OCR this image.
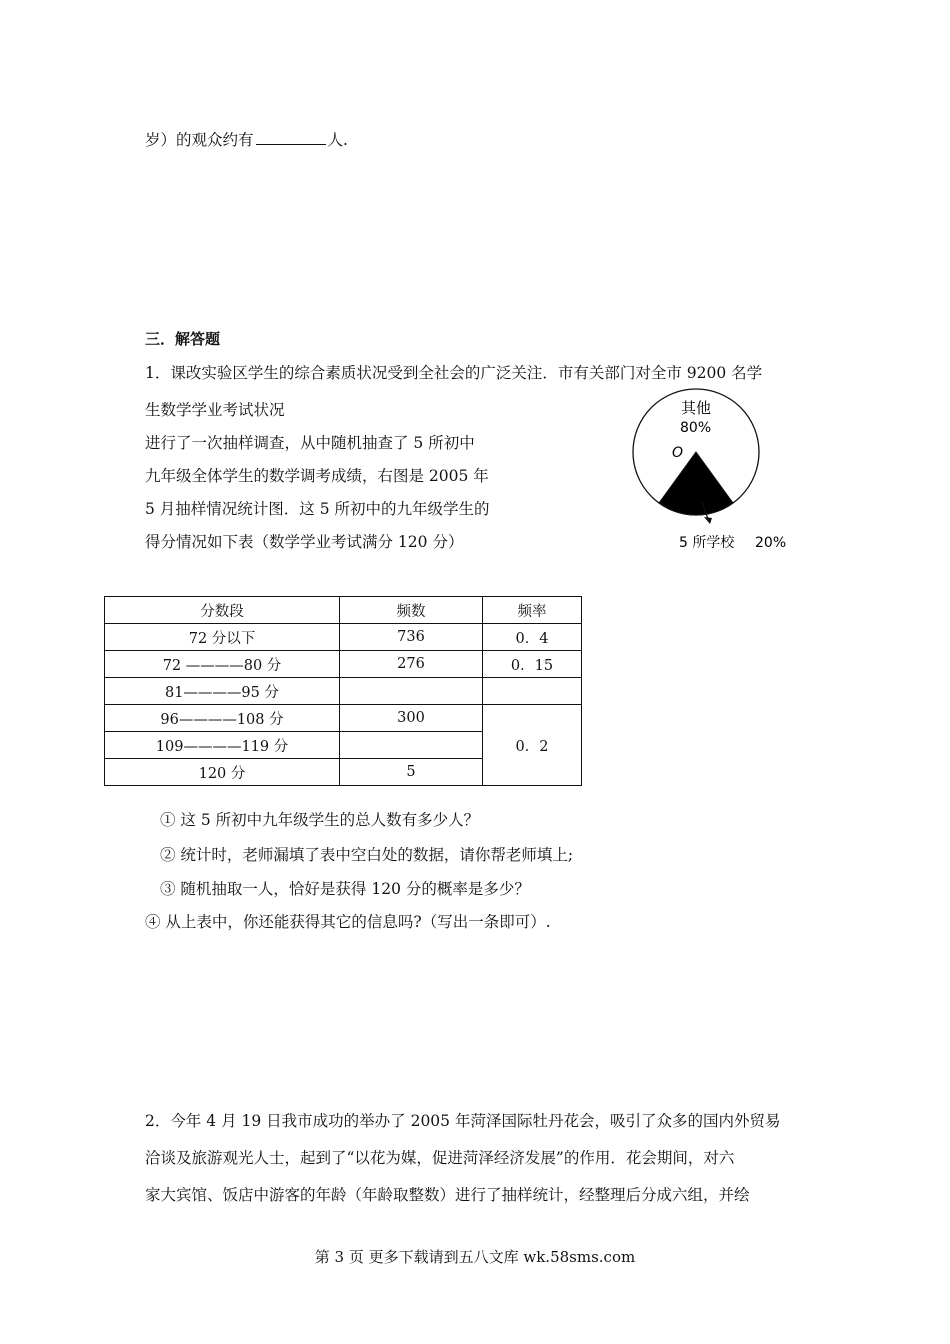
岁）的观众约有	人.
三．解答题
1．课改实验区学生的综合素质状况受到全社会的广泛关注．市有关部门对全市 9200 名学
生数学学业考试状况
进行了一次抽样调查，从中随机抽查了 5 所初中
九年级全体学生的数学调考成绩，右图是 2005 年
5 月抽样情况统计图．这 5 所初中的九年级学生的
得分情况如下表（数学学业考试满分 120 分）
其他
80%
O
5 所学校 20%
分数段	频数	频率
72 分以下	736	0．4
72 ————80 分	276	0．15
81————95 分		
96————108 分	300	0．2
109————119 分		
120 分	5	
① 这 5 所初中九年级学生的总人数有多少人？
② 统计时，老师漏填了表中空白处的数据，请你帮老师填上;
③ 随机抽取一人，恰好是获得 120 分的概率是多少？
④ 从上表中，你还能获得其它的信息吗?（写出一条即可）.
2．今年 4 月 19 日我市成功的举办了 2005 年菏泽国际牡丹花会，吸引了众多的国内外贸易
洽谈及旅游观光人士，起到了“以花为媒，促进菏泽经济发展”的作用．花会期间，对六
家大宾馆、饭店中游客的年龄（年龄取整数）进行了抽样统计，经整理后分成六组，并绘
第 3 页 更多下载请到五八文库 wk.58sms.com
